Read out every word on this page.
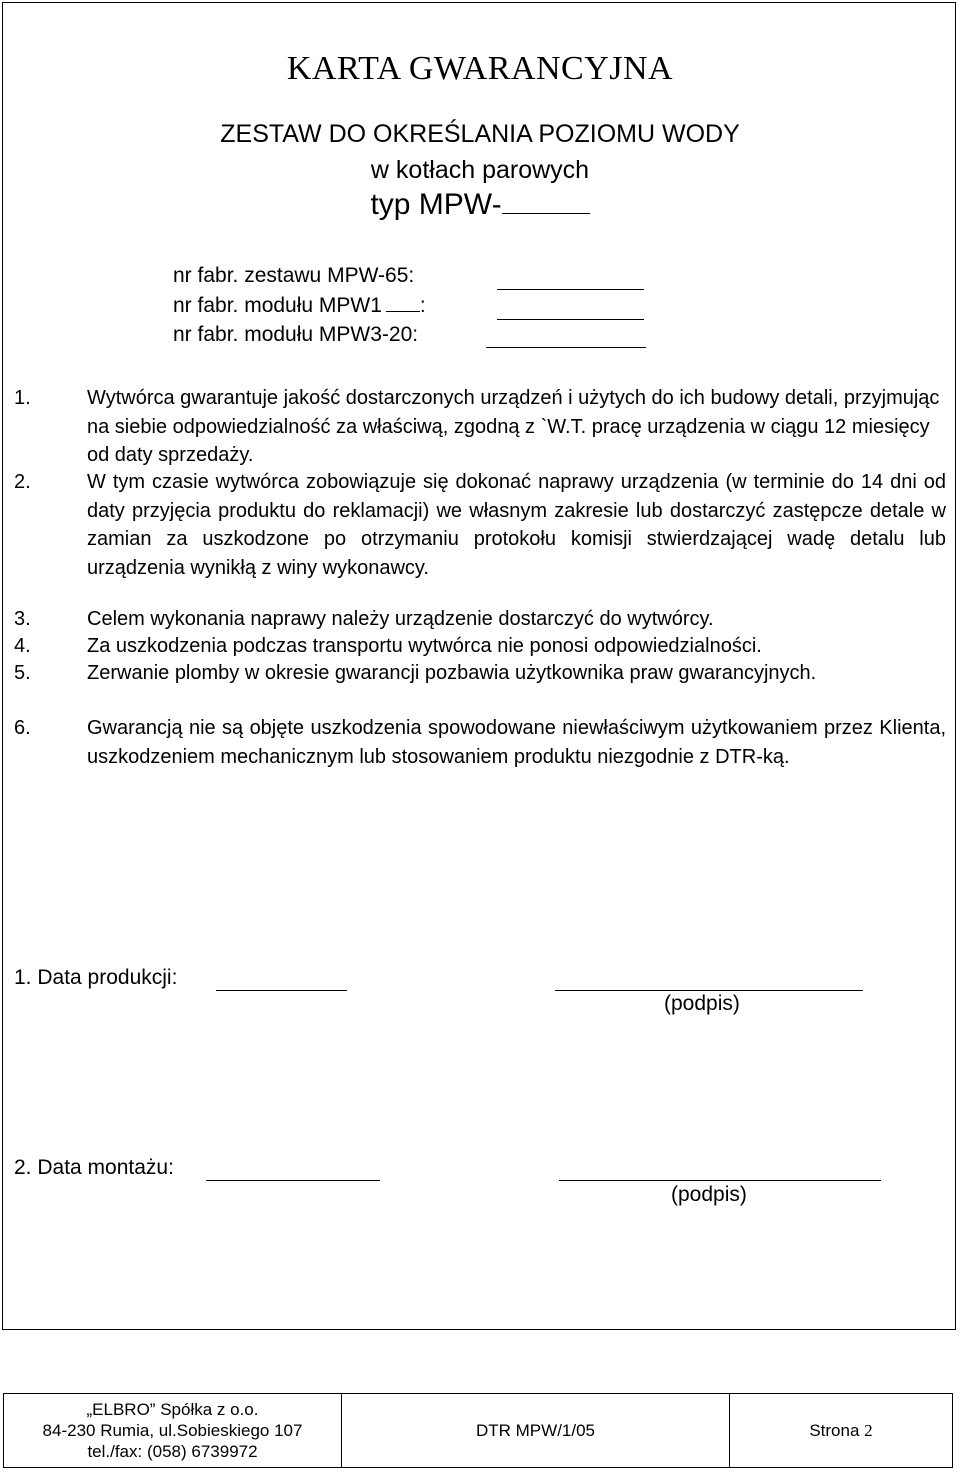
KARTA GWARANCYJNA
ZESTAW DO OKREŚLANIA POZIOMU WODY
w kotłach parowych
typ MPW-
nr fabr. zestawu MPW-65:
nr fabr. modułu MPW1 :
nr fabr. modułu MPW3-20:
1.	Wytwórca gwarantuje jakość dostarczonych urządzeń i użytych do ich budowy detali, przyjmując na siebie odpowiedzialność za właściwą, zgodną z `W.T. pracę urządzenia w ciągu 12 miesięcy od daty sprzedaży.
2.	W tym czasie wytwórca zobowiązuje się dokonać naprawy urządzenia (w terminie do 14 dni od daty przyjęcia produktu do reklamacji) we własnym zakresie lub dostarczyć zastępcze detale w zamian za uszkodzone po otrzymaniu protokołu komisji stwierdzającej wadę detalu lub urządzenia wynikłą z winy wykonawcy.
3.	Celem wykonania naprawy należy urządzenie dostarczyć do wytwórcy.
4.	Za uszkodzenia podczas transportu wytwórca nie ponosi odpowiedzialności.
5.	Zerwanie plomby w okresie gwarancji pozbawia użytkownika praw gwarancyjnych.
6.	Gwarancją nie są objęte uszkodzenia spowodowane niewłaściwym użytkowaniem przez Klienta, uszkodzeniem mechanicznym lub stosowaniem produktu niezgodnie z DTR-ką.
1. Data produkcji:
(podpis)
2. Data montażu:
(podpis)
„ELBRO” Spółka z o.o.
84-230 Rumia, ul.Sobieskiego 107
tel./fax: (058) 6739972
	DTR MPW/1/05	Strona 2
